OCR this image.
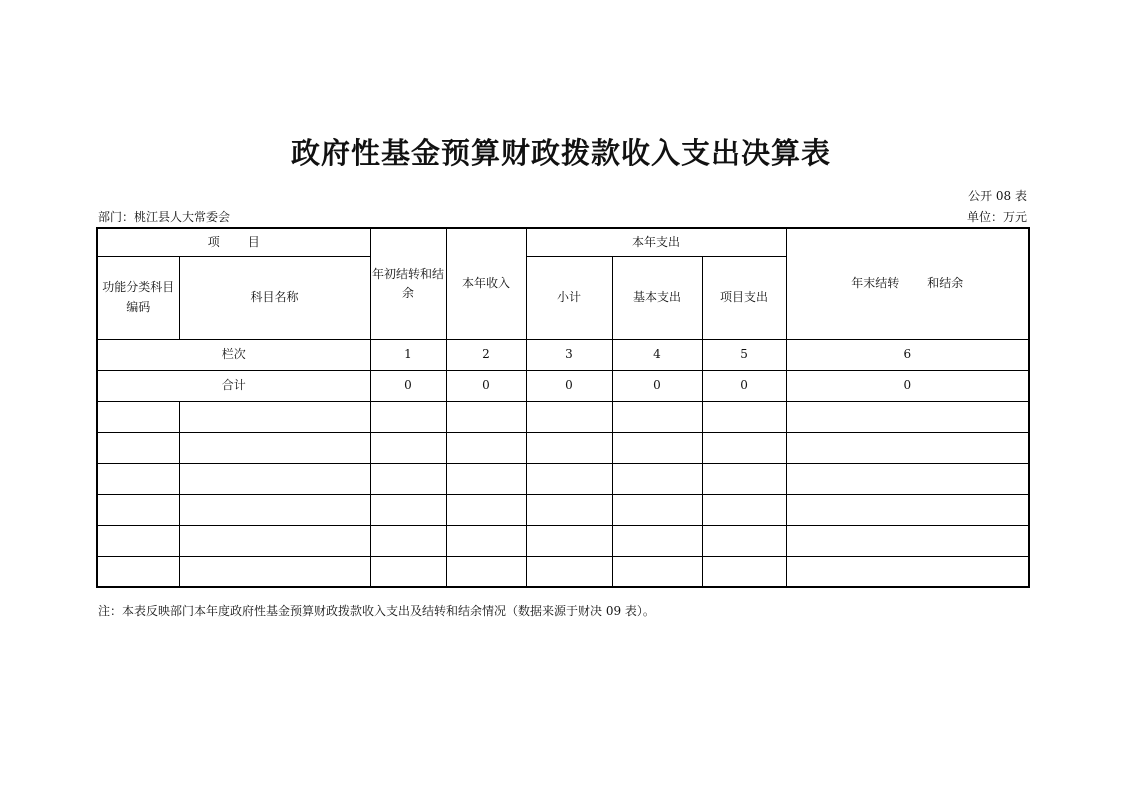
政府性基金预算财政拨款收入支出决算表
公开 08 表
部门：桃江县人大常委会	单位：万元
项 目		年初结转和结余	本年收入	本年支出			年末结转 和结余
功能分类科目编码	科目名称			小计	基本支出	项目支出	
栏次		1	2	3	4	5	6
合计		0	0	0	0	0	0

注：本表反映部门本年度政府性基金预算财政拨款收入支出及结转和结余情况（数据来源于财决 09 表）。
